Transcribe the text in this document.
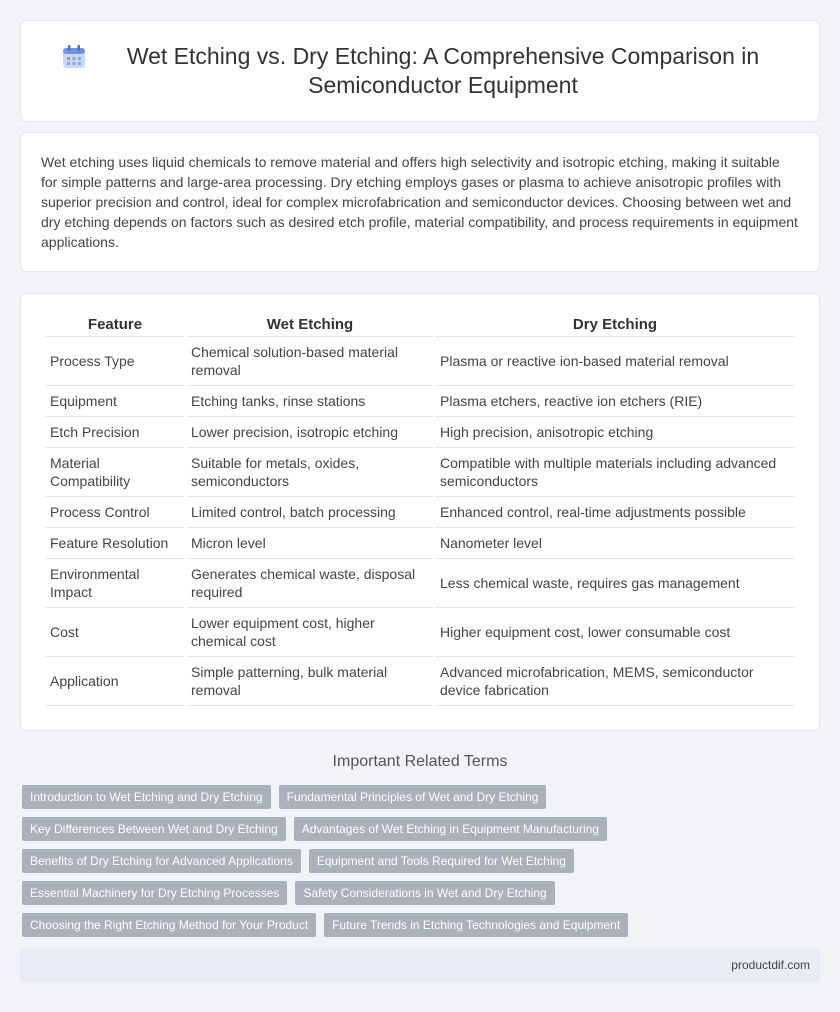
Wet Etching vs. Dry Etching: A Comprehensive Comparison in Semiconductor Equipment

Wet etching uses liquid chemicals to remove material and offers high selectivity and isotropic etching, making it suitable for simple patterns and large-area processing. Dry etching employs gases or plasma to achieve anisotropic profiles with superior precision and control, ideal for complex microfabrication and semiconductor devices. Choosing between wet and dry etching depends on factors such as desired etch profile, material compatibility, and process requirements in equipment applications.

Feature	Wet Etching	Dry Etching
Process Type	Chemical solution-based material removal	Plasma or reactive ion-based material removal
Equipment	Etching tanks, rinse stations	Plasma etchers, reactive ion etchers (RIE)
Etch Precision	Lower precision, isotropic etching	High precision, anisotropic etching
Material Compatibility	Suitable for metals, oxides, semiconductors	Compatible with multiple materials including advanced semiconductors
Process Control	Limited control, batch processing	Enhanced control, real-time adjustments possible
Feature Resolution	Micron level	Nanometer level
Environmental Impact	Generates chemical waste, disposal required	Less chemical waste, requires gas management
Cost	Lower equipment cost, higher chemical cost	Higher equipment cost, lower consumable cost
Application	Simple patterning, bulk material removal	Advanced microfabrication, MEMS, semiconductor device fabrication
Important Related Terms
Introduction to Wet Etching and Dry Etching	Fundamental Principles of Wet and Dry Etching
Key Differences Between Wet and Dry Etching	Advantages of Wet Etching in Equipment Manufacturing
Benefits of Dry Etching for Advanced Applications	Equipment and Tools Required for Wet Etching
Essential Machinery for Dry Etching Processes	Safety Considerations in Wet and Dry Etching
Choosing the Right Etching Method for Your Product	Future Trends in Etching Technologies and Equipment
productdif.com
